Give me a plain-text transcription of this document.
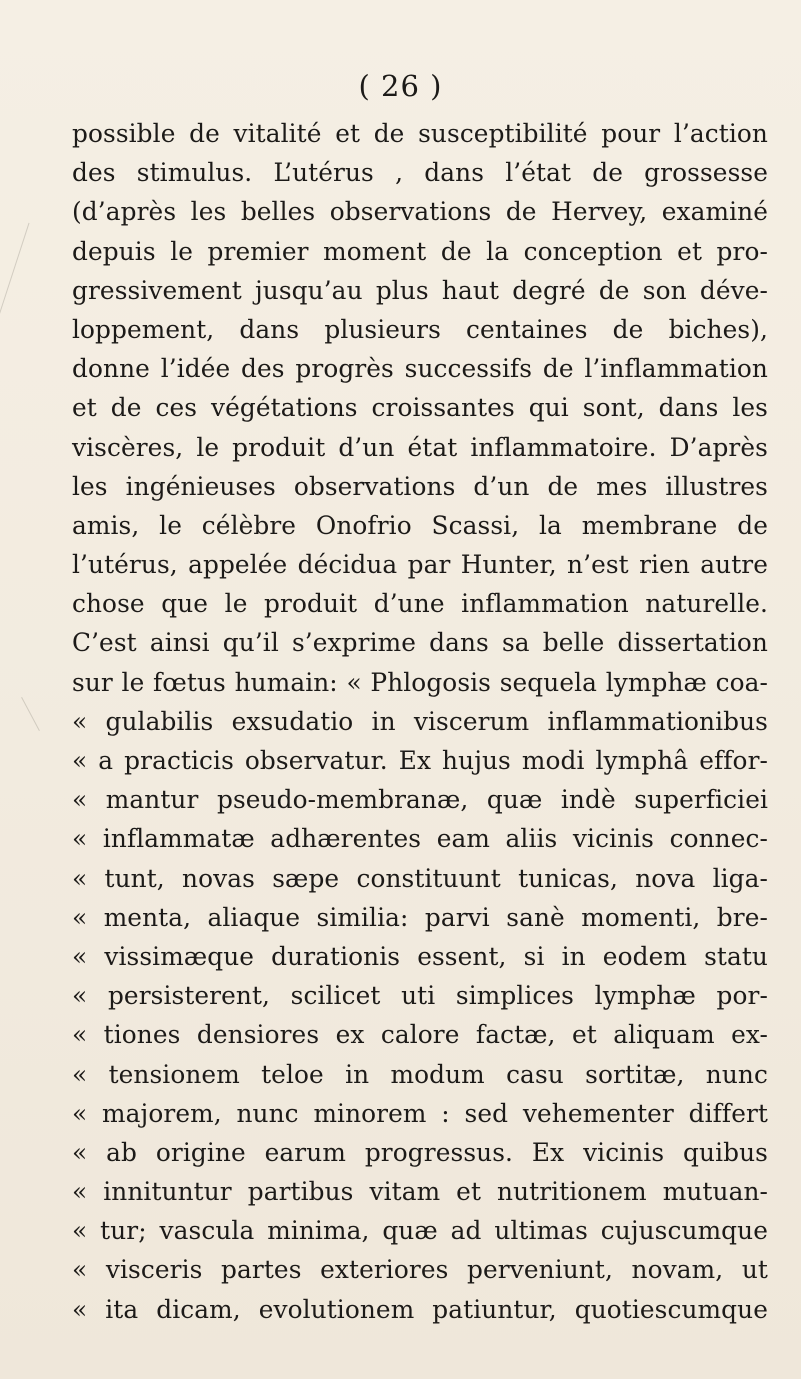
( 26 )
possible de vitalité et de susceptibilité pour l’action
des stimulus. L’utérus , dans l’état de grossesse
(d’après les belles observations de Hervey, examiné
depuis le premier moment de la conception et pro-
gressivement jusqu’au plus haut degré de son déve-
loppement, dans plusieurs centaines de biches),
donne l’idée des progrès successifs de l’inflammation
et de ces végétations croissantes qui sont, dans les
viscères, le produit d’un état inflammatoire. D’après
les ingénieuses observations d’un de mes illustres
amis, le célèbre Onofrio Scassi, la membrane de
l’utérus, appelée décidua par Hunter, n’est rien autre
chose que le produit d’une inflammation naturelle.
C’est ainsi qu’il s’exprime dans sa belle dissertation
sur le fœtus humain: « Phlogosis sequela lymphæ coa-
« gulabilis exsudatio in viscerum inflammationibus
« a practicis observatur. Ex hujus modi lymphâ effor-
« mantur pseudo-membranæ, quæ indè superficiei
« inflammatæ adhærentes eam aliis vicinis connec-
« tunt, novas sæpe constituunt tunicas, nova liga-
« menta, aliaque similia: parvi sanè momenti, bre-
« vissimæque durationis essent, si in eodem statu
« persisterent, scilicet uti simplices lymphæ por-
« tiones densiores ex calore factæ, et aliquam ex-
« tensionem teloe in modum casu sortitæ, nunc
« majorem, nunc minorem : sed vehementer differt
« ab origine earum progressus. Ex vicinis quibus
« innituntur partibus vitam et nutritionem mutuan-
« tur; vascula minima, quæ ad ultimas cujuscumque
« visceris partes exteriores perveniunt, novam, ut
« ita dicam, evolutionem patiuntur, quotiescumque
